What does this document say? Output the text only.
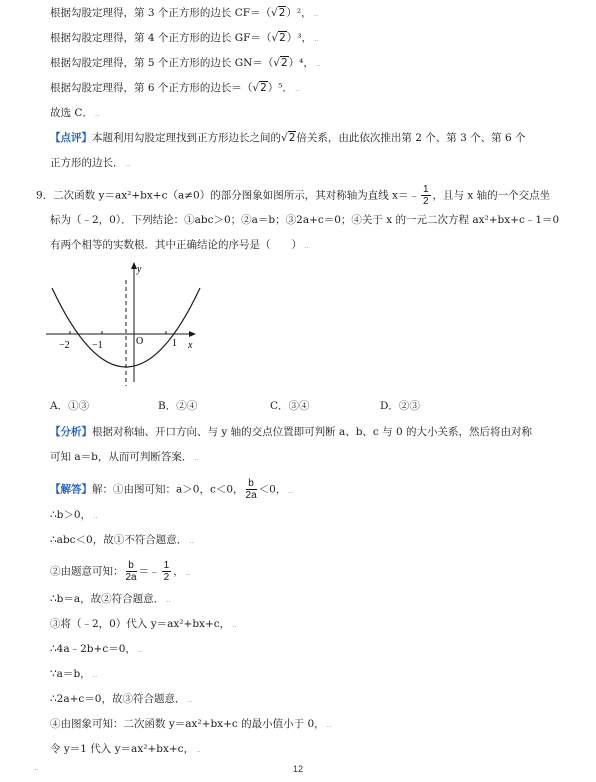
根据勾股定理得，第 3 个正方形的边长 CF＝（√2）²， ‥
根据勾股定理得，第 4 个正方形的边长 GF＝（√2）³， ‥
根据勾股定理得，第 5 个正方形的边长 GN＝（√2）⁴， ‥
根据勾股定理得，第 6 个正方形的边长＝（√2）⁵． ‥
故选 C． ‥
【点评】本题利用勾股定理找到正方形边长之间的√2倍关系，由此依次推出第 2 个、第 3 个、第 6 个
正方形的边长． ‥
9．二次函数 y＝ax²+bx+c（a≠0）的部分图象如图所示，其对称轴为直线 x＝﹣ $\frac{1}{2}$ ，且与 x 轴的一个交点坐
标为（﹣2，0）．下列结论：①abc＞0；②a＝b；③2a+c＝0；④关于 x 的一元二次方程 ax²+bx+c﹣1＝0
有两个相等的实数根．其中正确结论的序号是（　　） ‥
y
x
O
−2 −1	1
A．①③	B．②④	C．③④	D．②③
【分析】根据对称轴、开口方向、与 y 轴的交点位置即可判断 a、b、c 与 0 的大小关系，然后将由对称
可知 a＝b，从而可判断答案． ‥
【解答】解：①由图可知：a＞0，c＜0， $\frac{b}{2a} <0$， ‥
∴b＞0， ‥
∴abc＜0，故①不符合题意． ‥
②由题意可知： $\frac{b}{2a}$ ＝﹣ $\frac{1}{2}$ ， ‥
∴b＝a，故②符合题意． ‥
③将（﹣2，0）代入 y＝ax²+bx+c， ‥
∴4a﹣2b+c＝0， ‥
∵a＝b， ‥
∴2a+c＝0，故③符合题意． ‥
④由图象可知：二次函数 y＝ax²+bx+c 的最小值小于 0， ‥
令 y＝1 代入 y＝ax²+bx+c， ‥
‥	12
